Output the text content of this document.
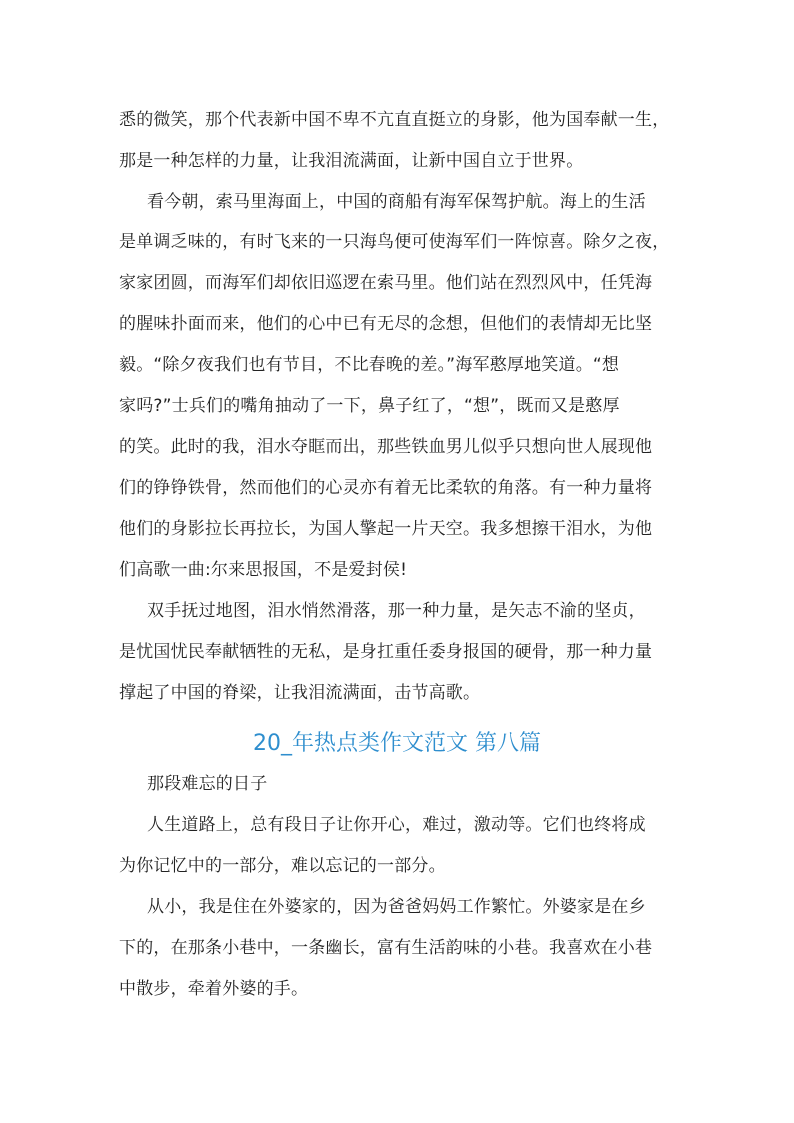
悉的微笑，那个代表新中国不卑不亢直直挺立的身影，他为国奉献一生，
那是一种怎样的力量，让我泪流满面，让新中国自立于世界。
看今朝，索马里海面上，中国的商船有海军保驾护航。海上的生活
是单调乏味的，有时飞来的一只海鸟便可使海军们一阵惊喜。除夕之夜，
家家团圆，而海军们却依旧巡逻在索马里。他们站在烈烈风中，任凭海
的腥味扑面而来，他们的心中已有无尽的念想，但他们的表情却无比坚
毅。“除夕夜我们也有节目，不比春晚的差。”海军憨厚地笑道。“想
家吗?”士兵们的嘴角抽动了一下，鼻子红了，“想”，既而又是憨厚
的笑。此时的我，泪水夺眶而出，那些铁血男儿似乎只想向世人展现他
们的铮铮铁骨，然而他们的心灵亦有着无比柔软的角落。有一种力量将
他们的身影拉长再拉长，为国人擎起一片天空。我多想擦干泪水，为他
们高歌一曲:尔来思报国，不是爱封侯!
双手抚过地图，泪水悄然滑落，那一种力量，是矢志不渝的坚贞，
是忧国忧民奉献牺牲的无私，是身扛重任委身报国的硬骨，那一种力量
撑起了中国的脊梁，让我泪流满面，击节高歌。
20_年热点类作文范文 第八篇
那段难忘的日子
人生道路上，总有段日子让你开心，难过，激动等。它们也终将成
为你记忆中的一部分，难以忘记的一部分。
从小，我是住在外婆家的，因为爸爸妈妈工作繁忙。外婆家是在乡
下的，在那条小巷中，一条幽长，富有生活韵味的小巷。我喜欢在小巷
中散步，牵着外婆的手。
